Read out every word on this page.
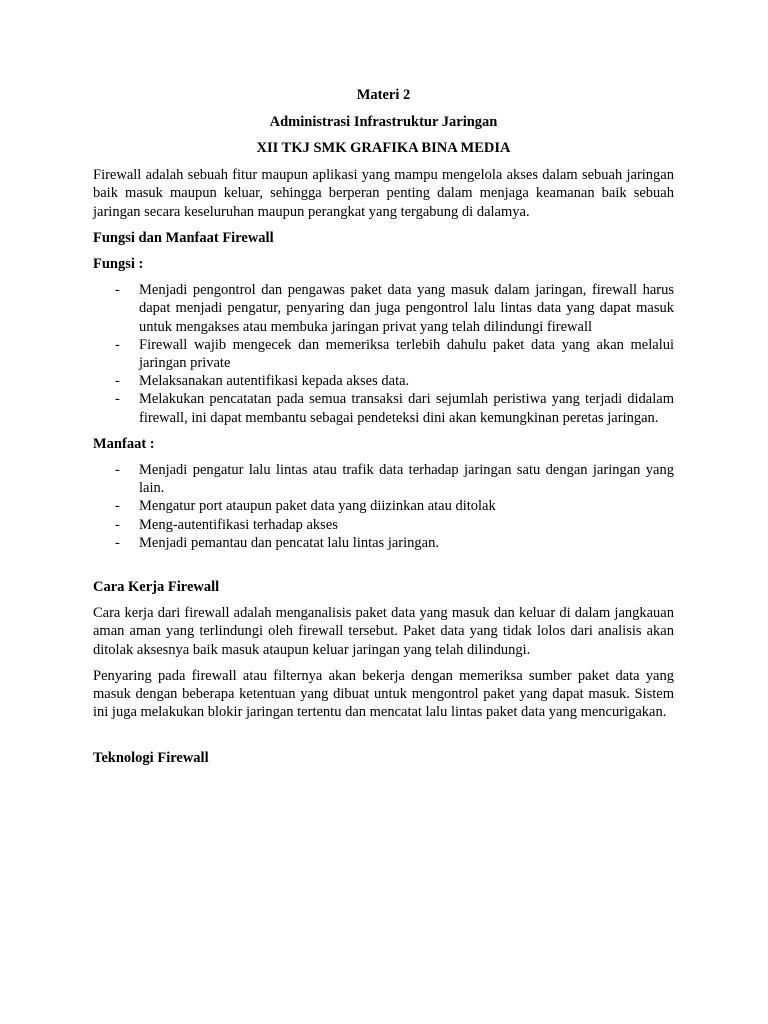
Materi 2
Administrasi Infrastruktur Jaringan
XII TKJ SMK GRAFIKA BINA MEDIA

Firewall adalah sebuah fitur maupun aplikasi yang mampu mengelola akses dalam sebuah jaringan baik masuk maupun keluar, sehingga berperan penting dalam menjaga keamanan baik sebuah jaringan secara keseluruhan maupun perangkat yang tergabung di dalamya.

Fungsi dan Manfaat Firewall
Fungsi :
- Menjadi pengontrol dan pengawas paket data yang masuk dalam jaringan, firewall harus dapat menjadi pengatur, penyaring dan juga pengontrol lalu lintas data yang dapat masuk untuk mengakses atau membuka jaringan privat yang telah dilindungi firewall
- Firewall wajib mengecek dan memeriksa terlebih dahulu paket data yang akan melalui jaringan private
- Melaksanakan autentifikasi kepada akses data.
- Melakukan pencatatan pada semua transaksi dari sejumlah peristiwa yang terjadi didalam firewall, ini dapat membantu sebagai pendeteksi dini akan kemungkinan peretas jaringan.
Manfaat :
- Menjadi pengatur lalu lintas atau trafik data terhadap jaringan satu dengan jaringan yang lain.
- Mengatur port ataupun paket data yang diizinkan atau ditolak
- Meng-autentifikasi terhadap akses
- Menjadi pemantau dan pencatat lalu lintas jaringan.
Cara Kerja Firewall

Cara kerja dari firewall adalah menganalisis paket data yang masuk dan keluar di dalam jangkauan aman aman yang terlindungi oleh firewall tersebut. Paket data yang tidak lolos dari analisis akan ditolak aksesnya baik masuk ataupun keluar jaringan yang telah dilindungi.

Penyaring pada firewall atau filternya akan bekerja dengan memeriksa sumber paket data yang masuk dengan beberapa ketentuan yang dibuat untuk mengontrol paket yang dapat masuk. Sistem ini juga melakukan blokir jaringan tertentu dan mencatat lalu lintas paket data yang mencurigakan.

Teknologi Firewall
